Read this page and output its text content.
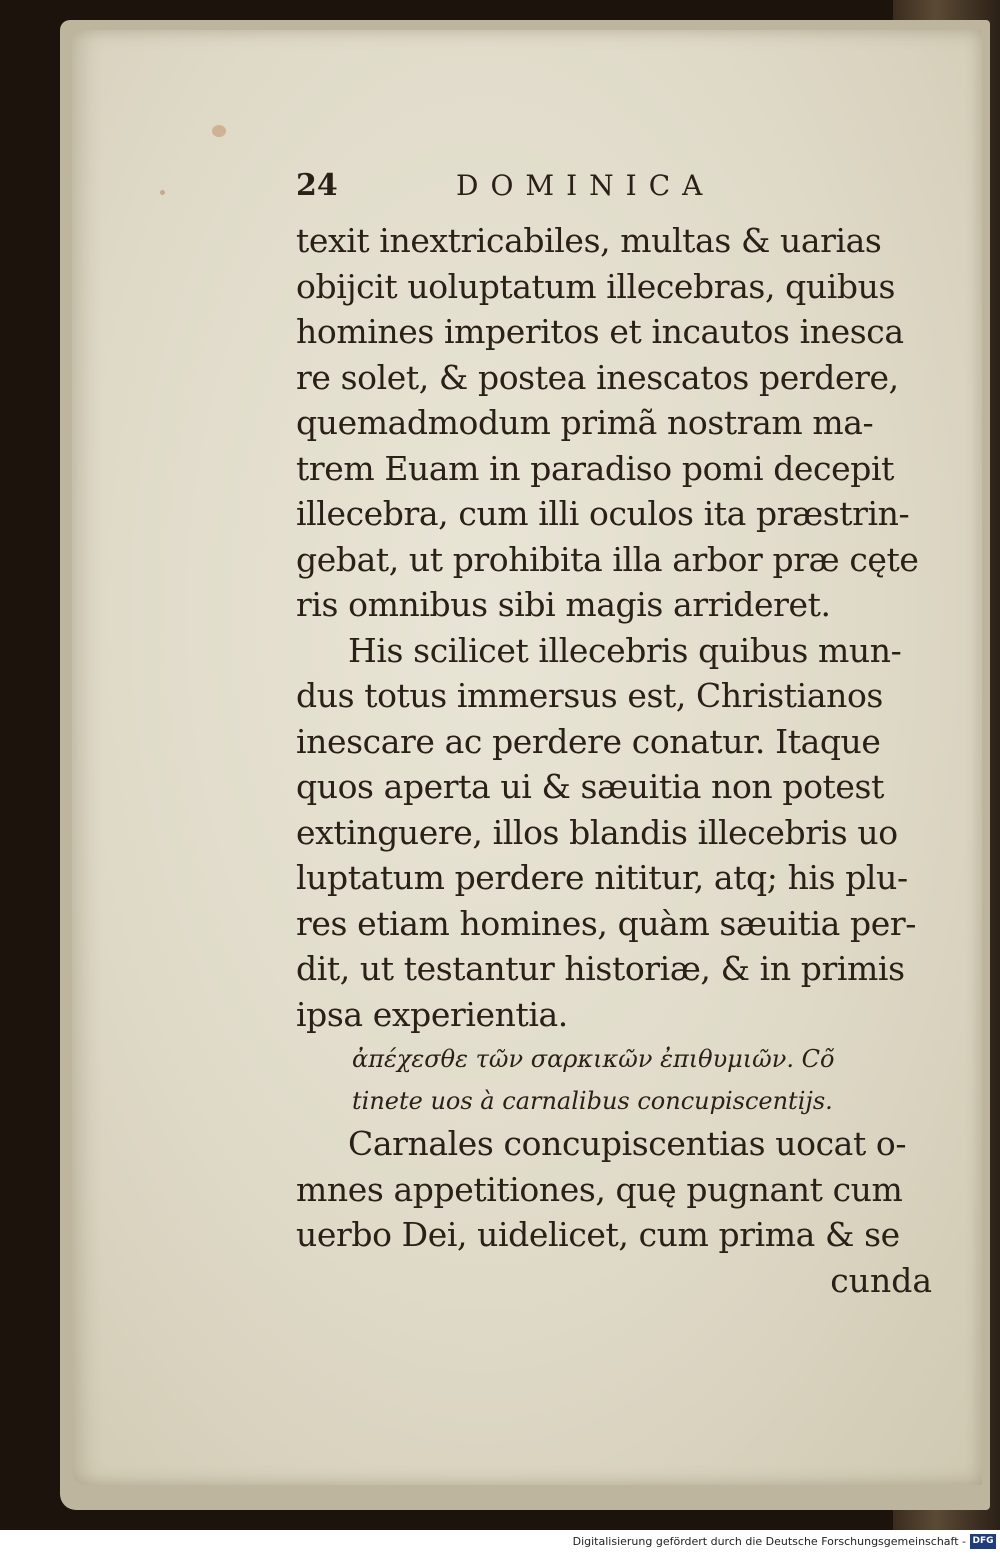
24	DOMINICA
texit inextricabiles, multas & uarias
obijcit uoluptatum illecebras, quibus
homines imperitos et incautos inesca
re solet, & postea inescatos perdere,
quemadmodum primã nostram ma-
trem Euam in paradiso pomi decepit
illecebra, cum illi oculos ita præstrin-
gebat, ut prohibita illa arbor præ cęte
ris omnibus sibi magis arrideret.
His scilicet illecebris quibus mun-
dus totus immersus est, Christianos
inescare ac perdere conatur. Itaque
quos aperta ui & sæuitia non potest
extinguere, illos blandis illecebris uo
luptatum perdere nititur, atq; his plu-
res etiam homines, quàm sæuitia per-
dit, ut testantur historiæ, & in primis
ipsa experientia.
ἀπέχεσθε τῶν σαρκικῶν ἐπιθυμιῶν. Cõ
tinete uos à carnalibus concupiscentijs.
Carnales concupiscentias uocat o-
mnes appetitiones, quę pugnant cum
uerbo Dei, uidelicet, cum prima & se
cunda
Digitalisierung gefördert durch die Deutsche Forschungsgemeinschaft - DFG
